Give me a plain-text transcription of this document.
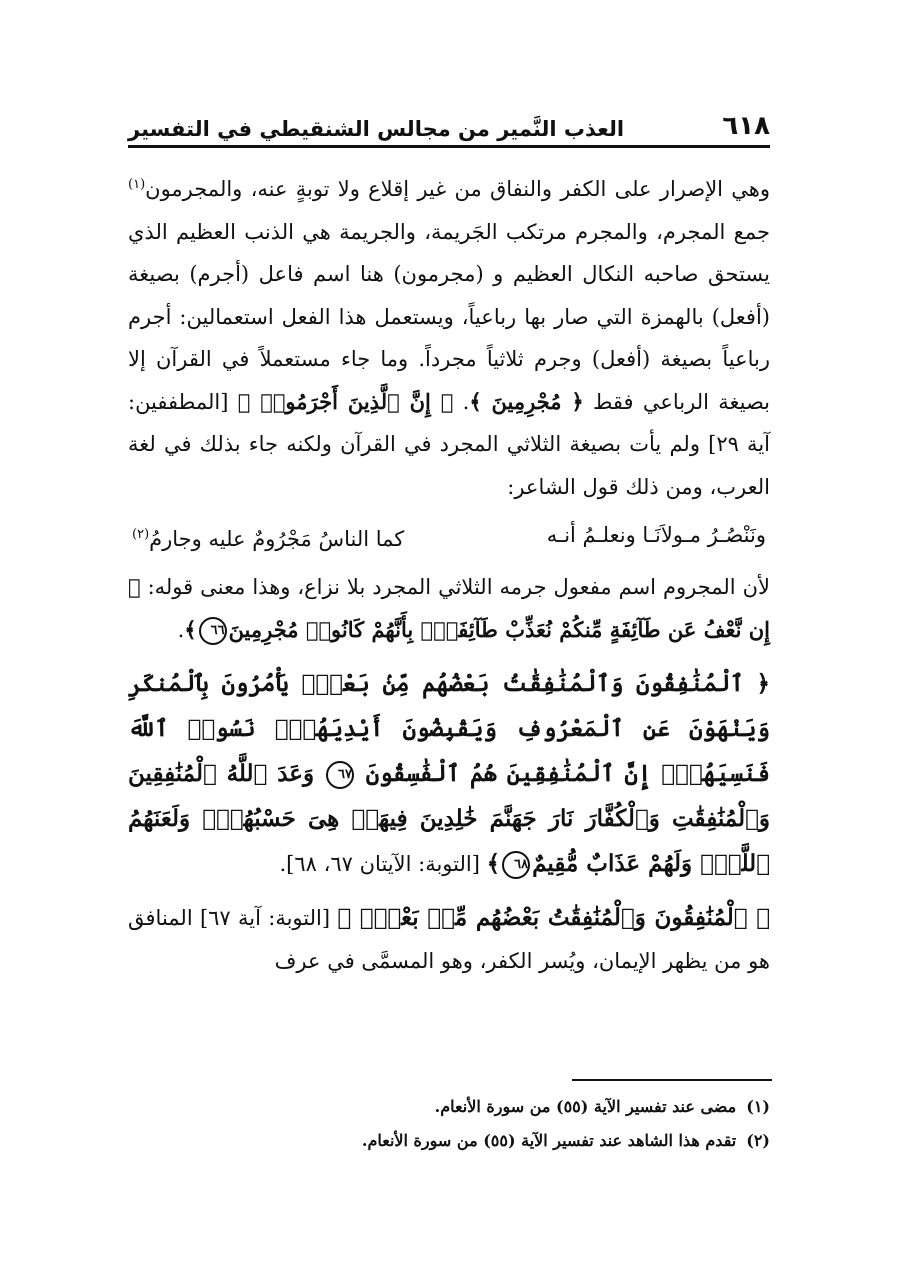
٦١٨
العذب النَّمير من مجالس الشنقيطي في التفسير

وهي الإصرار على الكفر والنفاق من غير إقلاع ولا توبةٍ عنه، والمجرمون$^{(١)}$ جمع المجرم، والمجرم مرتكب الجَريمة، والجريمة هي الذنب العظيم الذي يستحق صاحبه النكال العظيم و (مجرمون) هنا اسم فاعل (أجرم) بصيغة (أفعل) بالهمزة التي صار بها رباعياً، ويستعمل هذا الفعل استعمالين: أجرم رباعياً بصيغة (أفعل) وجرم ثلاثياً مجرداً. وما جاء مستعملاً في القرآن إلا بصيغة الرباعي فقط ﴿ مُجْرِمِينَ ﴾. ﴿ إِنَّ ٱلَّذِينَ أَجْرَمُوا۟ ﴾ [المطففين: آية ٢٩] ولم يأت بصيغة الثلاثي المجرد في القرآن ولكنه جاء بذلك في لغة العرب، ومن ذلك قول الشاعر:

ونَنْصُـرُ مـولاَنَـا ونعلـمُ أنـه
كما الناسُ مَجْرُومٌ عليه وجارمُ$^{(٢)}$

لأن المجروم اسم مفعول جرمه الثلاثي المجرد بلا نزاع، وهذا معنى قوله: ﴿ إِن نَّعْفُ عَن طَآئِفَةٍ مِّنكُمْ نُعَذِّبْ طَآئِفَةًۢ بِأَنَّهُمْ كَانُوا۟ مُجْرِمِينَ٦٦﴾.

﴿ ٱلْمُنَٰفِقُونَ وَٱلْمُنَٰفِقَٰتُ بَعْضُهُم مِّنۢ بَعْضٍۚ يَأْمُرُونَ بِٱلْمُنكَرِ وَيَنْهَوْنَ عَنِ ٱلْمَعْرُوفِ وَيَقْبِضُونَ أَيْدِيَهُمْۚ نَسُوا۟ ٱللَّهَ فَنَسِيَهُمْۚ إِنَّ ٱلْمُنَٰفِقِينَ هُمُ ٱلْفَٰسِقُونَ ٦٧ وَعَدَ ٱللَّهُ ٱلْمُنَٰفِقِينَ وَٱلْمُنَٰفِقَٰتِ وَٱلْكُفَّارَ نَارَ جَهَنَّمَ خَٰلِدِينَ فِيهَاۚ هِىَ حَسْبُهُمْۚ وَلَعَنَهُمُ ٱللَّهُۖ وَلَهُمْ عَذَابٌ مُّقِيمٌ٦٨﴾ [التوبة: الآيتان ٦٧، ٦٨].

﴿ ٱلْمُنَٰفِقُونَ وَٱلْمُنَٰفِقَٰتُ بَعْضُهُم مِّنۢ بَعْضٍۚ ﴾ [التوبة: آية ٦٧] المنافق هو من يظهر الإيمان، ويُسر الكفر، وهو المسمَّى في عرف

(١)مضى عند تفسير الآية (٥٥) من سورة الأنعام.

(٢)تقدم هذا الشاهد عند تفسير الآية (٥٥) من سورة الأنعام.
